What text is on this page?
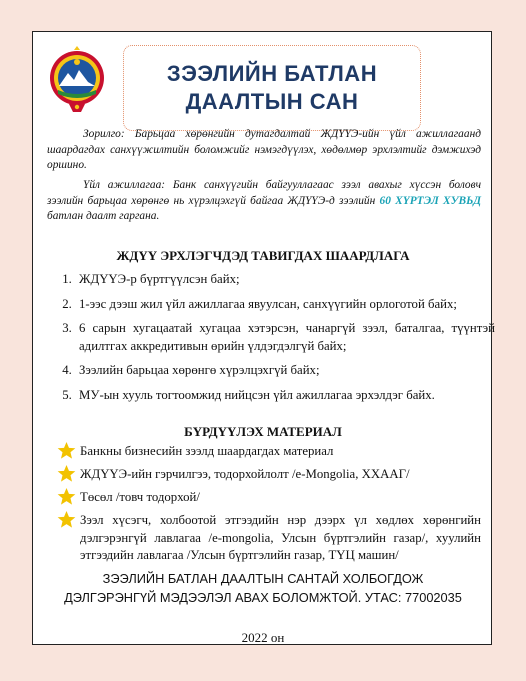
ЗЭЭЛИЙН БАТЛАН
ДААЛТЫН САН

Зорилго: Барьцаа хөрөнгийн дутагдалтай ЖДҮҮЭ-ийн үйл ажиллагаанд шаардагдах санхүүжилтийн боломжийг нэмэгдүүлэх, хөдөлмөр эрхлэлтийг дэмжихэд оршино.

Үйл ажиллагаа: Банк санхүүгийн байгууллагаас зээл авахыг хүссэн боловч зээлийн барьцаа хөрөнгө нь хүрэлцэхгүй байгаа ЖДҮҮЭ-д зээлийн 60 ХҮРТЭЛ ХУВЬД батлан даалт гаргана.

ЖДҮҮ ЭРХЛЭГЧДЭД ТАВИГДАХ ШААРДЛАГА
1. ЖДҮҮЭ-р бүртгүүлсэн байх;
2. 1-ээс дээш жил үйл ажиллагаа явуулсан, санхүүгийн орлоготой байх;
3. 6 сарын хугацаатай хугацаа хэтэрсэн, чанаргүй зээл, баталгаа, түүнтэй адилтгах аккредитивын өрийн үлдэгдэлгүй байх;
4. Зээлийн барьцаа хөрөнгө хүрэлцэхгүй байх;
5. МУ-ын хууль тогтоомжид нийцсэн үйл ажиллагаа эрхэлдэг байх.
БҮРДҮҮЛЭХ МАТЕРИАЛ
Банкны бизнесийн зээлд шаардагдах материал
ЖДҮҮЭ-ийн гэрчилгээ, тодорхойлолт /e-Mongolia, ХХААГ/
Төсөл /товч тодорхой/
Зээл хүсэгч, холбоотой этгээдийн нэр дээрх үл хөдлөх хөрөнгийн дэлгэрэнгүй лавлагаа /e-mongolia, Улсын бүртгэлийн газар/, хуулийн этгээдийн лавлагаа /Улсын бүртгэлийн газар, ТҮЦ машин/
ЗЭЭЛИЙН БАТЛАН ДААЛТЫН САНТАЙ ХОЛБОГДОЖ
ДЭЛГЭРЭНГҮЙ МЭДЭЭЛЭЛ АВАХ БОЛОМЖТОЙ. УТАС: 77002035
2022 он
